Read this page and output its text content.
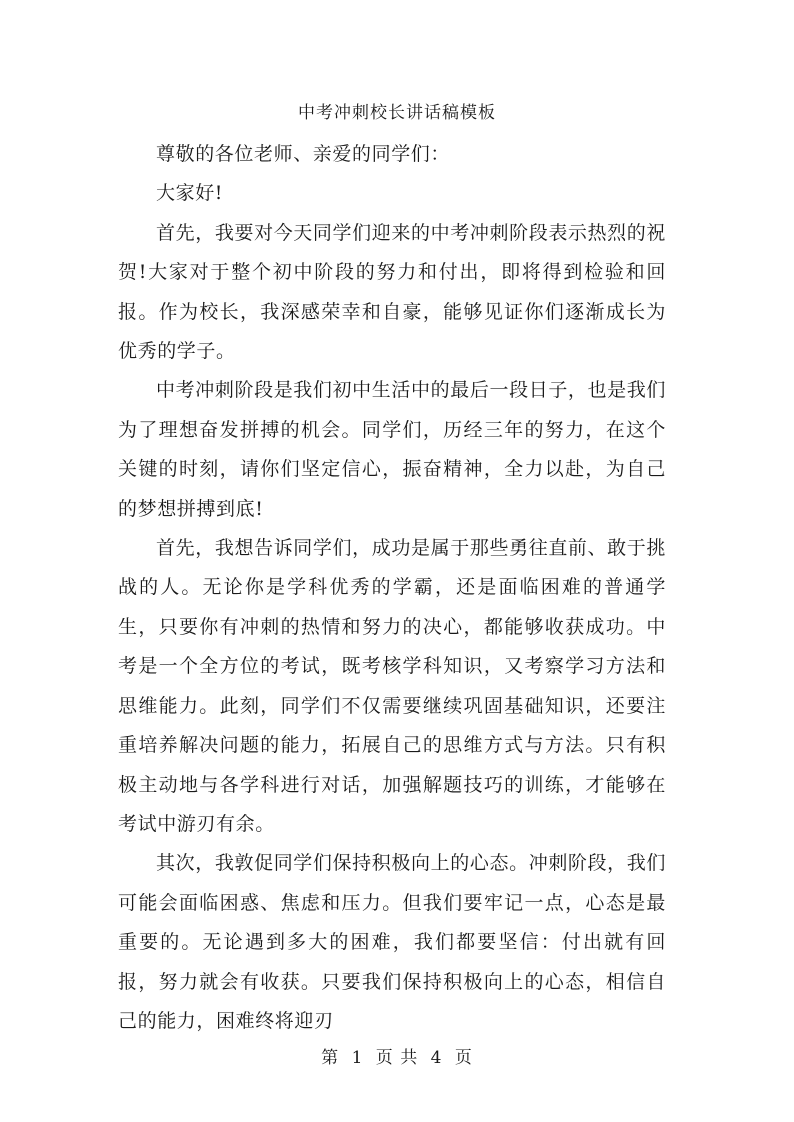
中考冲刺校长讲话稿模板

尊敬的各位老师、亲爱的同学们：

大家好!

首先，我要对今天同学们迎来的中考冲刺阶段表示热烈的祝贺!大家对于整个初中阶段的努力和付出，即将得到检验和回报。作为校长，我深感荣幸和自豪，能够见证你们逐渐成长为优秀的学子。

中考冲刺阶段是我们初中生活中的最后一段日子，也是我们为了理想奋发拼搏的机会。同学们，历经三年的努力，在这个关键的时刻，请你们坚定信心，振奋精神，全力以赴，为自己的梦想拼搏到底!

首先，我想告诉同学们，成功是属于那些勇往直前、敢于挑战的人。无论你是学科优秀的学霸，还是面临困难的普通学生，只要你有冲刺的热情和努力的决心，都能够收获成功。中考是一个全方位的考试，既考核学科知识，又考察学习方法和思维能力。此刻，同学们不仅需要继续巩固基础知识，还要注重培养解决问题的能力，拓展自己的思维方式与方法。只有积极主动地与各学科进行对话，加强解题技巧的训练，才能够在考试中游刃有余。

其次，我敦促同学们保持积极向上的心态。冲刺阶段，我们可能会面临困惑、焦虑和压力。但我们要牢记一点，心态是最重要的。无论遇到多大的困难，我们都要坚信：付出就有回报，努力就会有收获。只要我们保持积极向上的心态，相信自己的能力，困难终将迎刃

第 1 页 共 4 页
